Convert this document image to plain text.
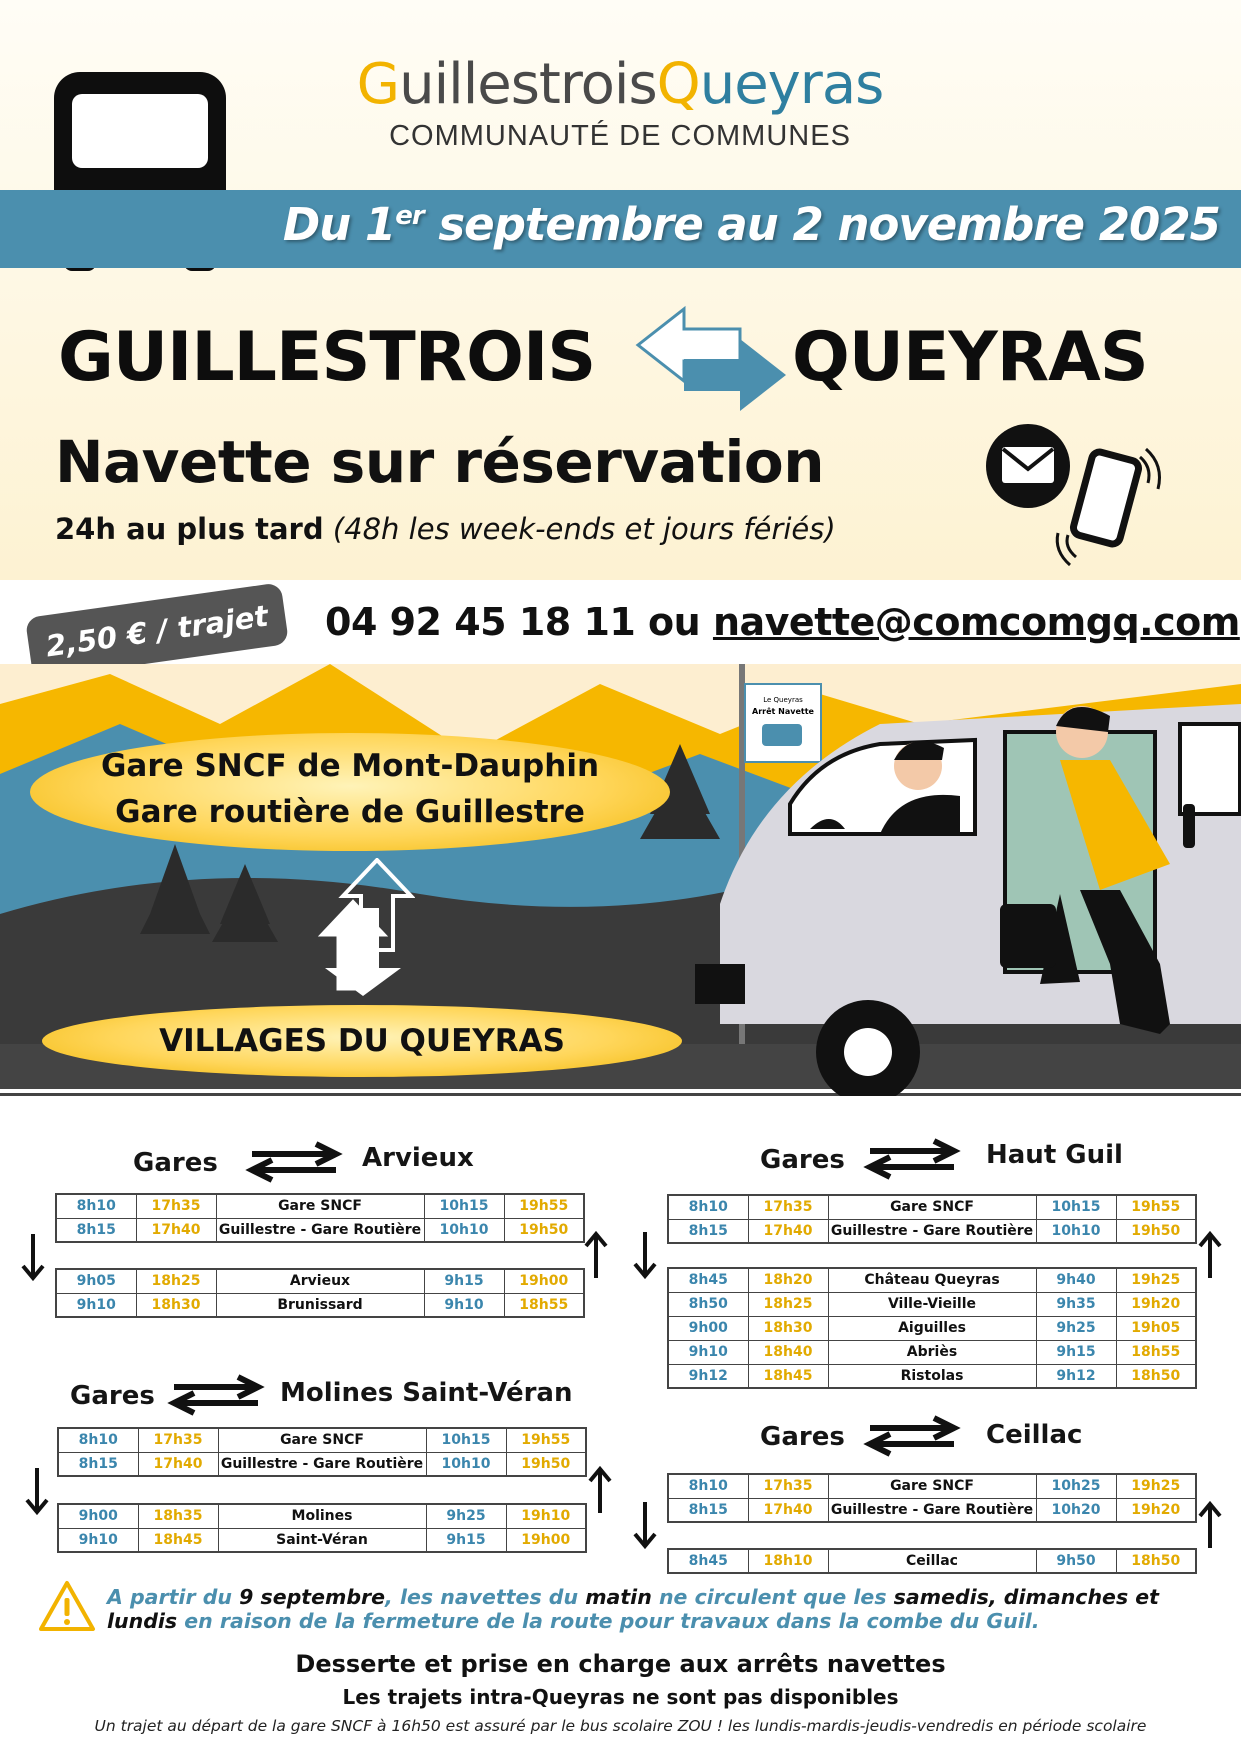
GuillestroisQueyras
COMMUNAUTÉ DE COMMUNES
Du 1er septembre au 2 novembre 2025
GUILLESTROIS	QUEYRAS
Navette sur réservation
24h au plus tard (48h les week-ends et jours fériés)
2,50 € / trajet	04 92 45 18 11 ou navette@comcomgq.com
Le Queyras
Arrêt Navette
Gare SNCF de Mont-Dauphin
Gare routière de Guillestre
VILLAGES DU QUEYRAS
Gares	Arvieux
8h10	17h35	Gare SNCF	10h15	19h55
8h15	17h40	Guillestre - Gare Routière	10h10	19h50
9h05	18h25	Arvieux	9h15	19h00
9h10	18h30	Brunissard	9h10	18h55
Gares	Molines Saint-Véran
8h10	17h35	Gare SNCF	10h15	19h55
8h15	17h40	Guillestre - Gare Routière	10h10	19h50
9h00	18h35	Molines	9h25	19h10
9h10	18h45	Saint-Véran	9h15	19h00
Gares	Haut Guil
8h10	17h35	Gare SNCF	10h15	19h55
8h15	17h40	Guillestre - Gare Routière	10h10	19h50
8h45	18h20	Château Queyras	9h40	19h25
8h50	18h25	Ville-Vieille	9h35	19h20
9h00	18h30	Aiguilles	9h25	19h05
9h10	18h40	Abriès	9h15	18h55
9h12	18h45	Ristolas	9h12	18h50
Gares	Ceillac
8h10	17h35	Gare SNCF	10h25	19h25
8h15	17h40	Guillestre - Gare Routière	10h20	19h20
8h45	18h10	Ceillac	9h50	18h50
A partir du 9 septembre, les navettes du matin ne circulent que les samedis, dimanches et lundis en raison de la fermeture de la route pour travaux dans la combe du Guil.
Desserte et prise en charge aux arrêts navettes
Les trajets intra-Queyras ne sont pas disponibles
Un trajet au départ de la gare SNCF à 16h50 est assuré par le bus scolaire ZOU ! les lundis-mardis-jeudis-vendredis en période scolaire
